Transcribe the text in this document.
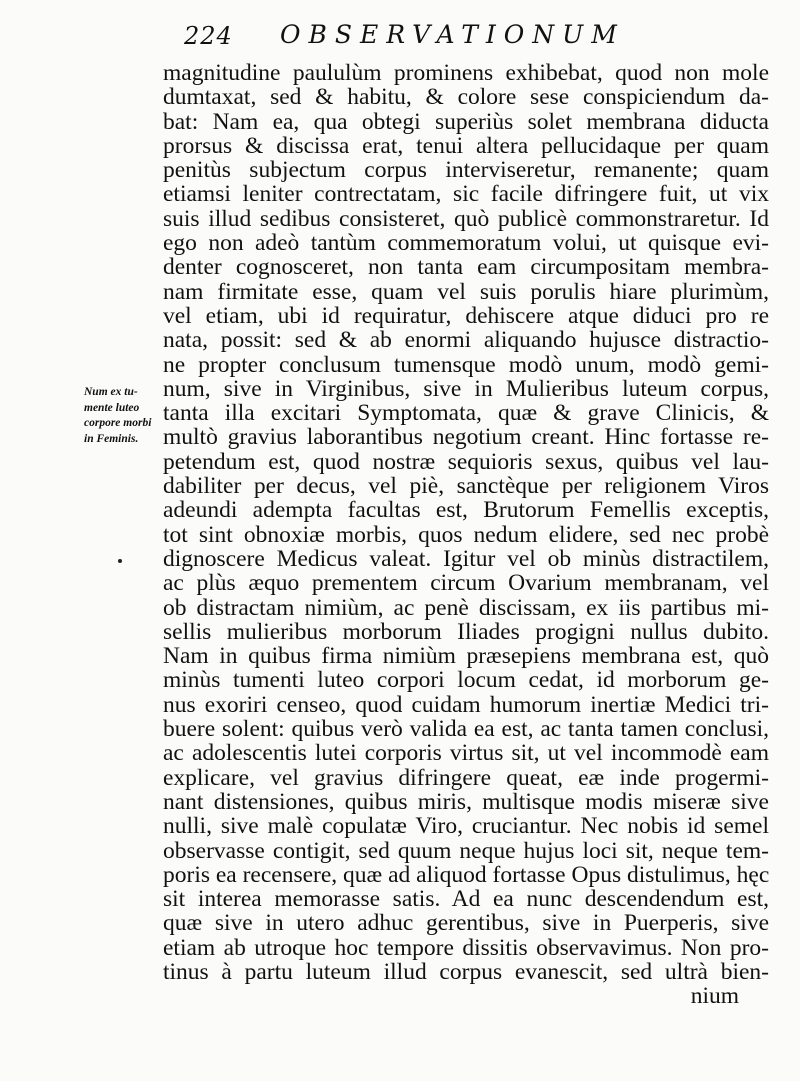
224 OBSERVATIONUM
Num ex tu-
mente luteo
corpore morbi
in Feminis.
magnitudine paululùm prominens exhibebat, quod non mole
dumtaxat, sed & habitu, & colore sese conspiciendum da-
bat: Nam ea, qua obtegi superiùs solet membrana diducta
prorsus & discissa erat, tenui altera pellucidaque per quam
penitùs subjectum corpus interviseretur, remanente; quam
etiamsi leniter contrectatam, sic facile difringere fuit, ut vix
suis illud sedibus consisteret, quò publicè commonstraretur. Id
ego non adeò tantùm commemoratum volui, ut quisque evi-
denter cognosceret, non tanta eam circumpositam membra-
nam firmitate esse, quam vel suis porulis hiare plurimùm,
vel etiam, ubi id requiratur, dehiscere atque diduci pro re
nata, possit: sed & ab enormi aliquando hujusce distractio-
ne propter conclusum tumensque modò unum, modò gemi-
num, sive in Virginibus, sive in Mulieribus luteum corpus,
tanta illa excitari Symptomata, quæ & grave Clinicis, &
multò gravius laborantibus negotium creant. Hinc fortasse re-
petendum est, quod nostræ sequioris sexus, quibus vel lau-
dabiliter per decus, vel piè, sanctèque per religionem Viros
adeundi adempta facultas est, Brutorum Femellis exceptis,
tot sint obnoxiæ morbis, quos nedum elidere, sed nec probè
dignoscere Medicus valeat. Igitur vel ob minùs distractilem,
ac plùs æquo prementem circum Ovarium membranam, vel
ob distractam nimiùm, ac penè discissam, ex iis partibus mi-
sellis mulieribus morborum Iliades progigni nullus dubito.
Nam in quibus firma nimiùm præsepiens membrana est, quò
minùs tumenti luteo corpori locum cedat, id morborum ge-
nus exoriri censeo, quod cuidam humorum inertiæ Medici tri-
buere solent: quibus verò valida ea est, ac tanta tamen conclusi,
ac adolescentis lutei corporis virtus sit, ut vel incommodè eam
explicare, vel gravius difringere queat, eæ inde progermi-
nant distensiones, quibus miris, multisque modis miseræ sive
nulli, sive malè copulatæ Viro, cruciantur. Nec nobis id semel
observasse contigit, sed quum neque hujus loci sit, neque tem-
poris ea recensere, quæ ad aliquod fortasse Opus distulimus, hęc
sit interea memorasse satis. Ad ea nunc descendendum est,
quæ sive in utero adhuc gerentibus, sive in Puerperis, sive
etiam ab utroque hoc tempore dissitis observavimus. Non pro-
tinus à partu luteum illud corpus evanescit, sed ultrà bien-
nium
